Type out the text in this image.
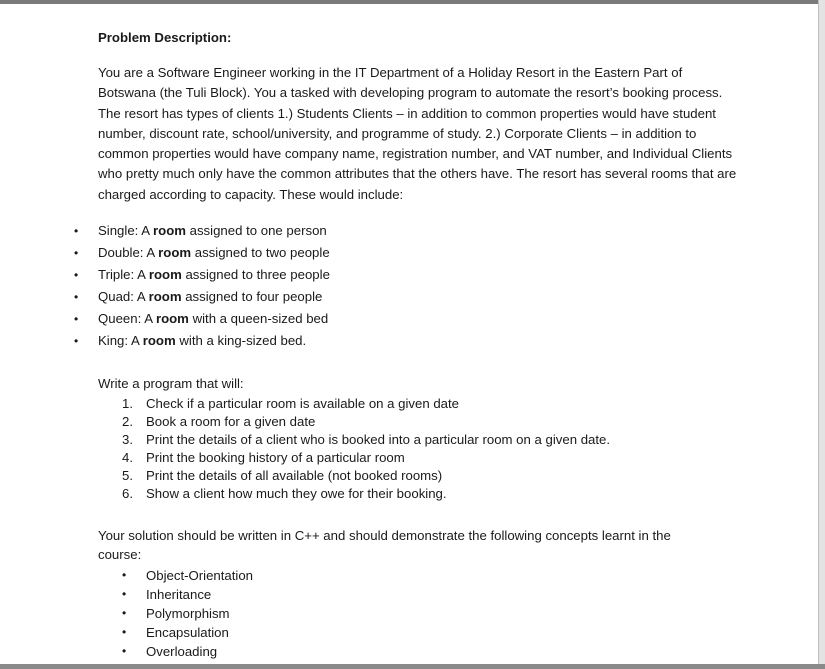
Problem Description:

You are a Software Engineer working in the IT Department of a Holiday Resort in the Eastern Part of Botswana (the Tuli Block). You a tasked with developing program to automate the resort’s booking process. The resort has types of clients 1.) Students Clients – in addition to common properties would have student number, discount rate, school/university, and programme of study. 2.) Corporate Clients – in addition to common properties would have company name, registration number, and VAT number, and Individual Clients who pretty much only have the common attributes that the others have. The resort has several rooms that are charged according to capacity. These would include:

• Single: A room assigned to one person
• Double: A room assigned to two people
• Triple: A room assigned to three people
• Quad: A room assigned to four people
• Queen: A room with a queen-sized bed
• King: A room with a king-sized bed.

Write a program that will:

1. Check if a particular room is available on a given date
2. Book a room for a given date
3. Print the details of a client who is booked into a particular room on a given date.
4. Print the booking history of a particular room
5. Print the details of all available (not booked rooms)
6. Show a client how much they owe for their booking.

Your solution should be written in C++ and should demonstrate the following concepts learnt in the course:

• Object-Orientation
• Inheritance
• Polymorphism
• Encapsulation
• Overloading
